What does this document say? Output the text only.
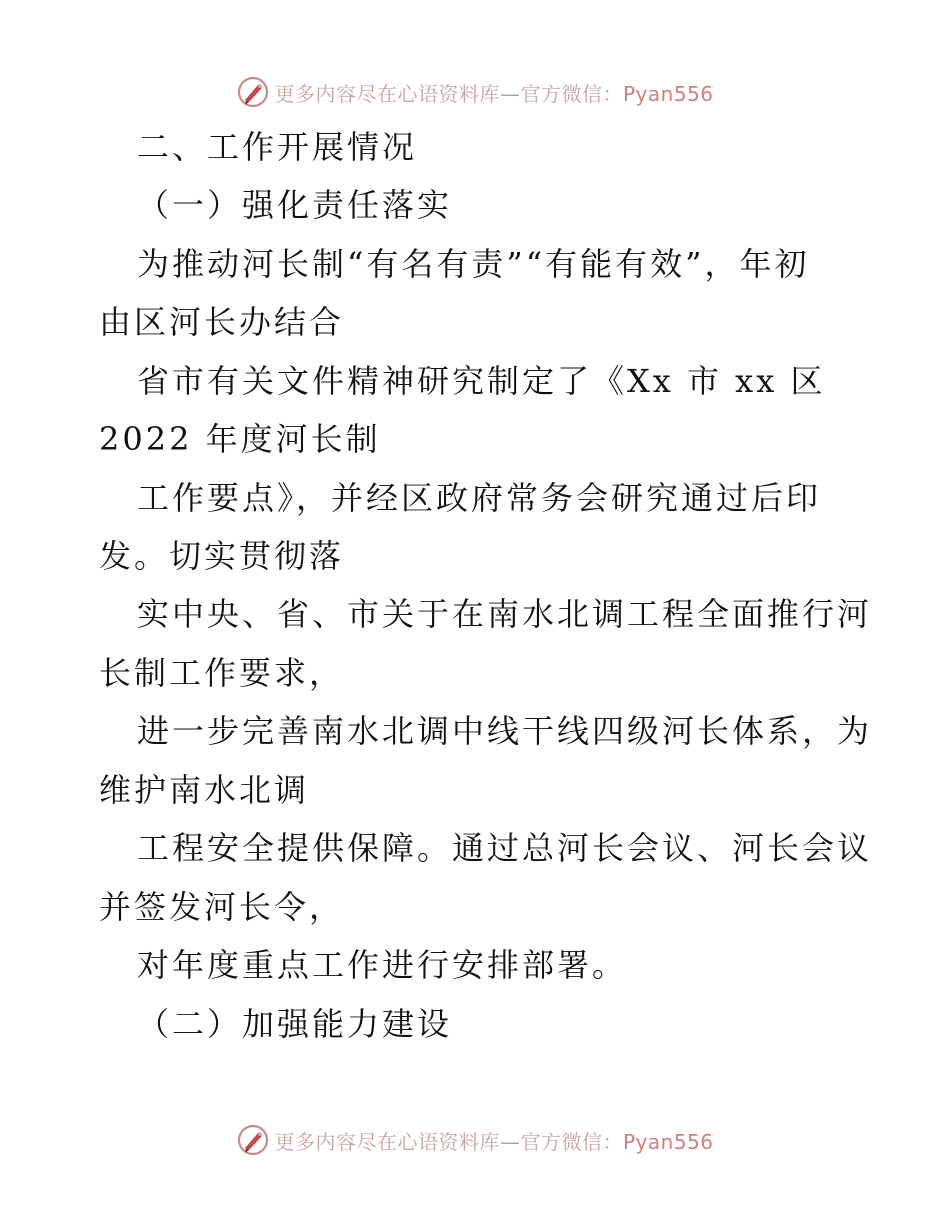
更多内容尽在心语资料库—官方微信：Pyan556
二、工作开展情况
（一）强化责任落实
为推动河长制“有名有责”“有能有效”，年初
由区河长办结合
省市有关文件精神研究制定了《Xx 市 xx 区
2022 年度河长制
工作要点》，并经区政府常务会研究通过后印
发。切实贯彻落
实中央、省、市关于在南水北调工程全面推行河
长制工作要求，
进一步完善南水北调中线干线四级河长体系，为
维护南水北调
工程安全提供保障。通过总河长会议、河长会议
并签发河长令，
对年度重点工作进行安排部署。
（二）加强能力建设
更多内容尽在心语资料库—官方微信：Pyan556
